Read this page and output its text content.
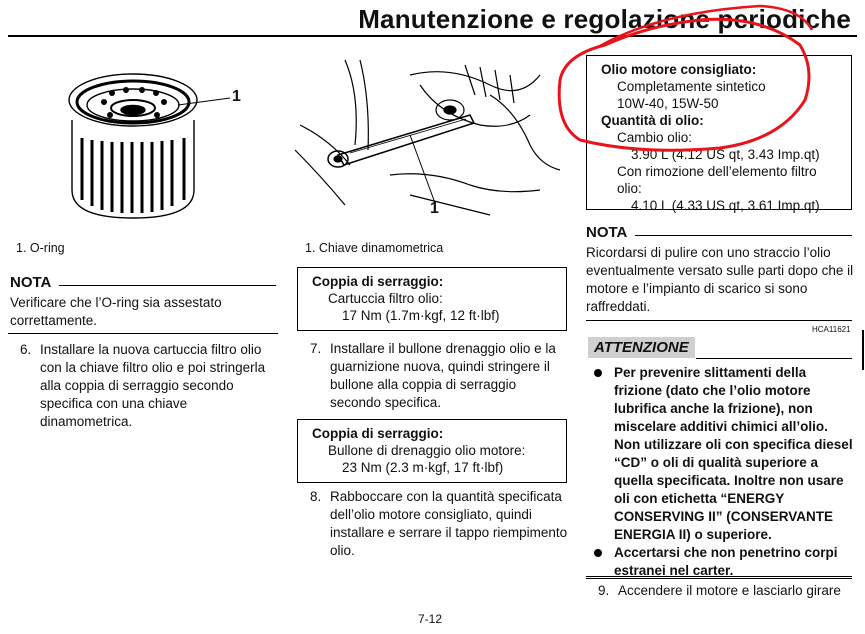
Manutenzione e regolazione periodiche
1
1. O-ring
NOTA
Verificare che l’O-ring sia assestato correttamente.
6. Installare la nuova cartuccia filtro olio con la chiave filtro olio e poi stringerla alla coppia di serraggio secondo specifica con una chiave dinamometrica.
1
1. Chiave dinamometrica
Coppia di serraggio:
Cartuccia filtro olio:
17 Nm (1.7m·kgf, 12 ft·lbf)
7. Installare il bullone drenaggio olio e la guarnizione nuova, quindi stringere il bullone alla coppia di serraggio secondo specifica.
Coppia di serraggio:
Bullone di drenaggio olio motore:
23 Nm (2.3 m·kgf, 17 ft·lbf)
8. Rabboccare con la quantità specificata dell’olio motore consigliato, quindi installare e serrare il tappo riempimento olio.
Olio motore consigliato:
Completamente sintetico
10W-40, 15W-50
Quantità di olio:
Cambio olio:
3.90 L (4.12 US qt, 3.43 Imp.qt)
Con rimozione dell’elemento filtro
olio:
4.10 L (4.33 US qt, 3.61 Imp.qt)
NOTA
Ricordarsi di pulire con uno straccio l’olio eventualmente versato sulle parti dopo che il motore e l’impianto di scarico si sono raffreddati.
HCA11621
ATTENZIONE
Per prevenire slittamenti della frizione (dato che l’olio motore lubrifica anche la frizione), non miscelare additivi chimici all’olio. Non utilizzare oli con specifica diesel “CD” o oli di qualità superiore a quella specificata. Inoltre non usare oli con etichetta “ENERGY CONSERVING II” (CONSERVANTE ENERGIA II) o superiore.
Accertarsi che non penetrino corpi estranei nel carter.
9. Accendere il motore e lasciarlo girare
7-12
